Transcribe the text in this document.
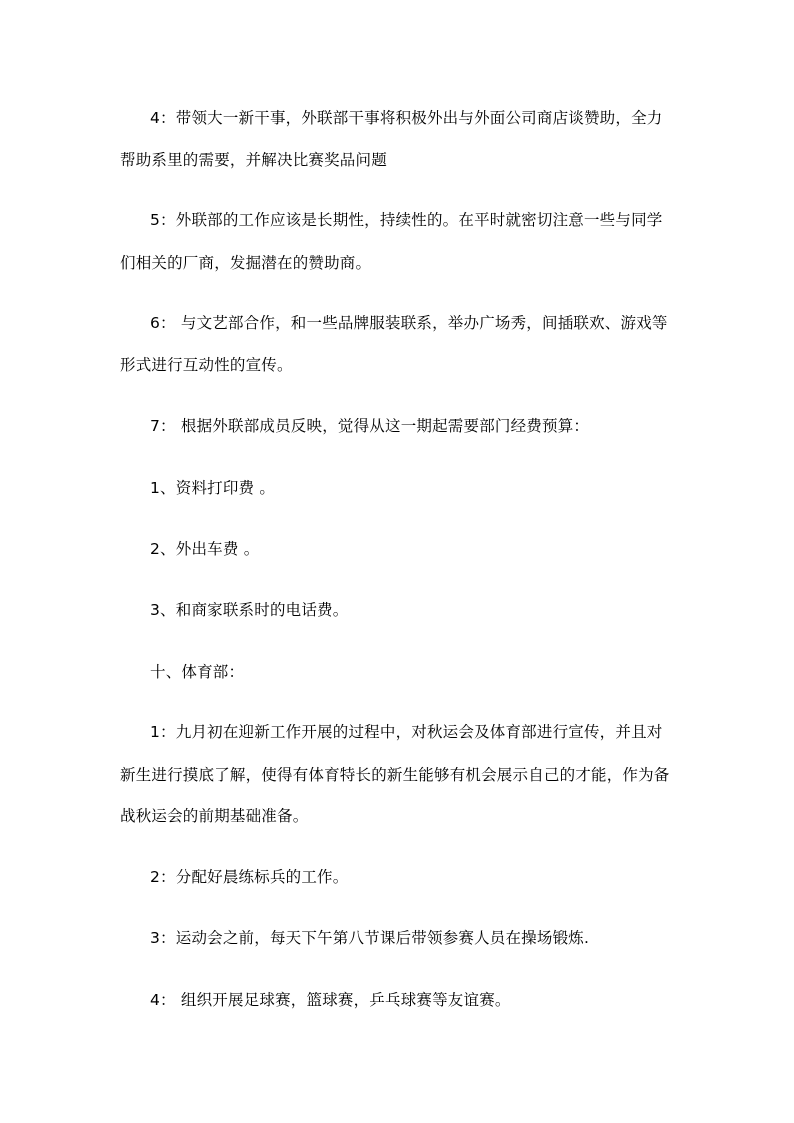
4：带领大一新干事，外联部干事将积极外出与外面公司商店谈赞助，全力
帮助系里的需要，并解决比赛奖品问题
5：外联部的工作应该是长期性，持续性的。在平时就密切注意一些与同学
们相关的厂商，发掘潜在的赞助商。
6： 与文艺部合作，和一些品牌服装联系，举办广场秀，间插联欢、游戏等
形式进行互动性的宣传。
7： 根据外联部成员反映，觉得从这一期起需要部门经费预算：
1、资料打印费 。
2、外出车费 。
3、和商家联系时的电话费。
十、体育部：
1：九月初在迎新工作开展的过程中，对秋运会及体育部进行宣传，并且对
新生进行摸底了解，使得有体育特长的新生能够有机会展示自己的才能，作为备
战秋运会的前期基础准备。
2：分配好晨练标兵的工作。
3：运动会之前，每天下午第八节课后带领参赛人员在操场锻炼.
4： 组织开展足球赛，篮球赛，乒乓球赛等友谊赛。
